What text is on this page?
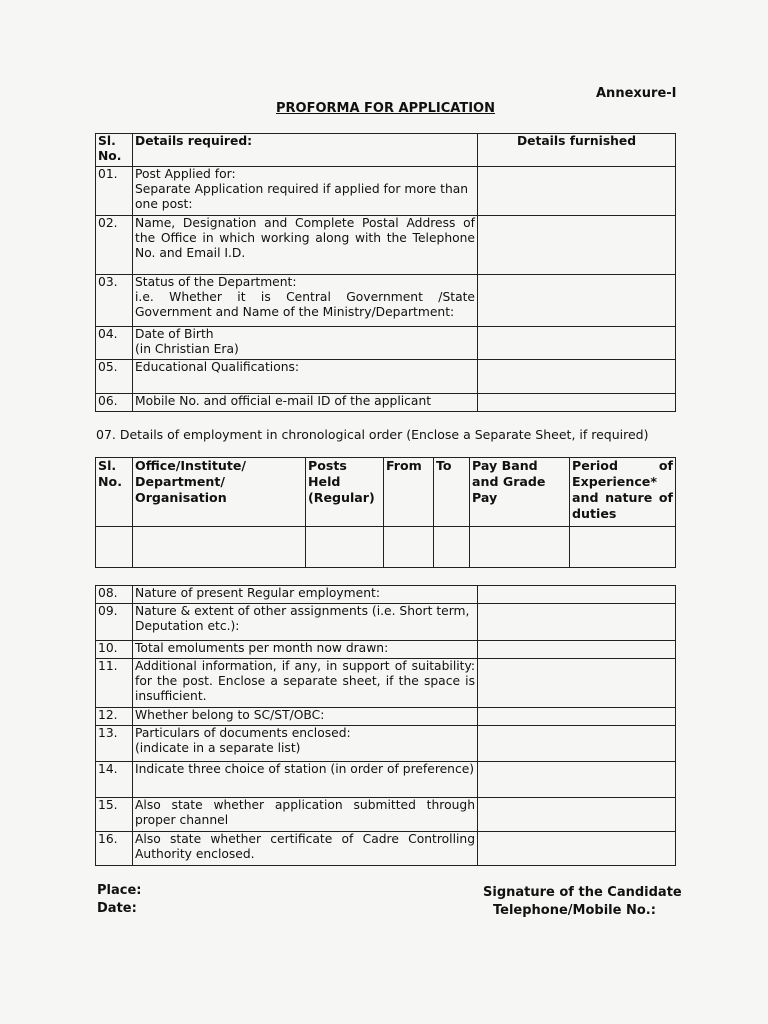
Annexure-I
PROFORMA FOR APPLICATION
Sl. No.	Details required:	Details furnished
01.	Post Applied for:
Separate Application required if applied for more than one post:	
02.	Name, Designation and Complete Postal Address of the Office in which working along with the Telephone No. and Email I.D.	
03.	Status of the Department:
i.e. Whether it is Central Government /State Government and Name of the Ministry/Department:	
04.	Date of Birth
(in Christian Era)	
05.	Educational Qualifications:	
06.	Mobile No. and official e-mail ID of the applicant	
07. Details of employment in chronological order (Enclose a Separate Sheet, if required)
Sl. No.	Office/Institute/ Department/ Organisation	Posts Held (Regular)	From	To	Pay Band and Grade Pay	Period of Experience* and nature of duties

08.	Nature of present Regular employment:	
09.	Nature & extent of other assignments (i.e. Short term, Deputation etc.):	
10.	Total emoluments per month now drawn:	
11.	Additional information, if any, in support of suitability: for the post. Enclose a separate sheet, if the space is insufficient.	
12.	Whether belong to SC/ST/OBC:	
13.	Particulars of documents enclosed:
(indicate in a separate list)	
14.	Indicate three choice of station (in order of preference)	
15.	Also state whether application submitted through proper channel	
16.	Also state whether certificate of Cadre Controlling Authority enclosed.	
Place:
Date:
Signature of the Candidate
Telephone/Mobile No.:
